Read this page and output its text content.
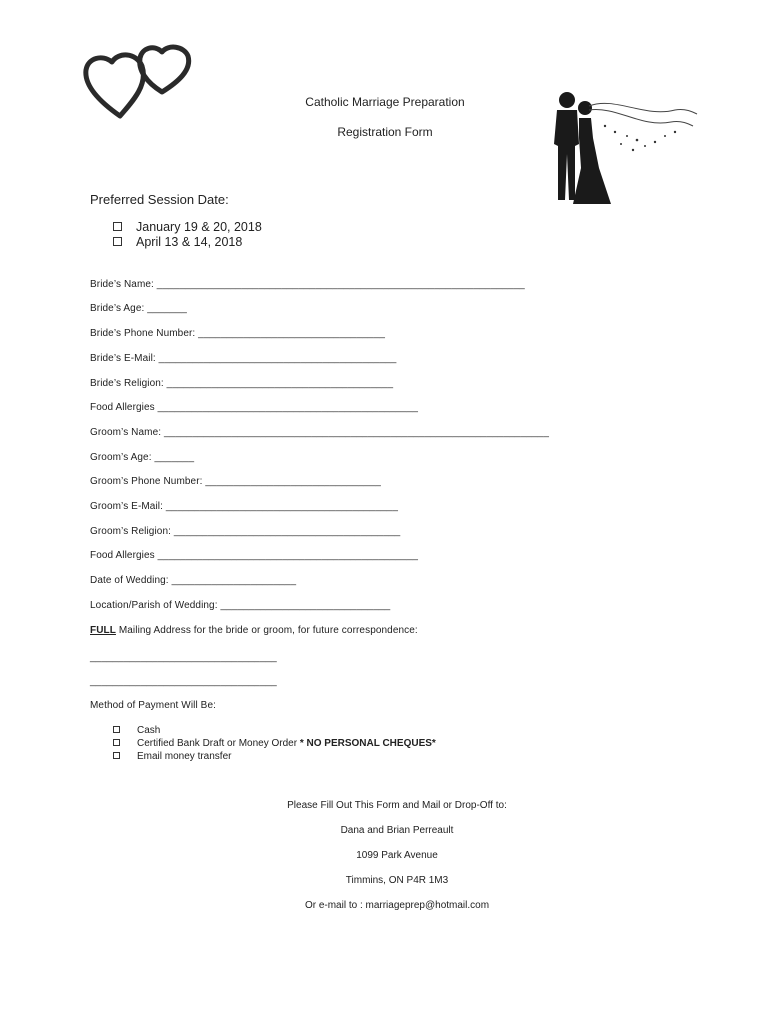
Catholic Marriage Preparation
Registration Form
Preferred Session Date:
January 19 & 20, 2018
April 13 & 14, 2018
Bride’s Name: _________________________________________________________________
Bride’s Age: _______
Bride’s Phone Number: _________________________________
Bride’s E-Mail: __________________________________________
Bride’s Religion: ________________________________________
Food Allergies ______________________________________________
Groom’s Name: ____________________________________________________________________
Groom’s Age: _______
Groom’s Phone Number: _______________________________
Groom’s E-Mail: _________________________________________
Groom’s Religion: ________________________________________
Food Allergies ______________________________________________
Date of Wedding: ______________________
Location/Parish of Wedding: ______________________________
FULL Mailing Address for the bride or groom, for future correspondence:
_________________________________
_________________________________
Method of Payment Will Be:
Cash
Certified Bank Draft or Money Order * NO PERSONAL CHEQUES*
Email money transfer
Please Fill Out This Form and Mail or Drop-Off to:
Dana and Brian Perreault
1099 Park Avenue
Timmins, ON P4R 1M3
Or e-mail to : marriageprep@hotmail.com
